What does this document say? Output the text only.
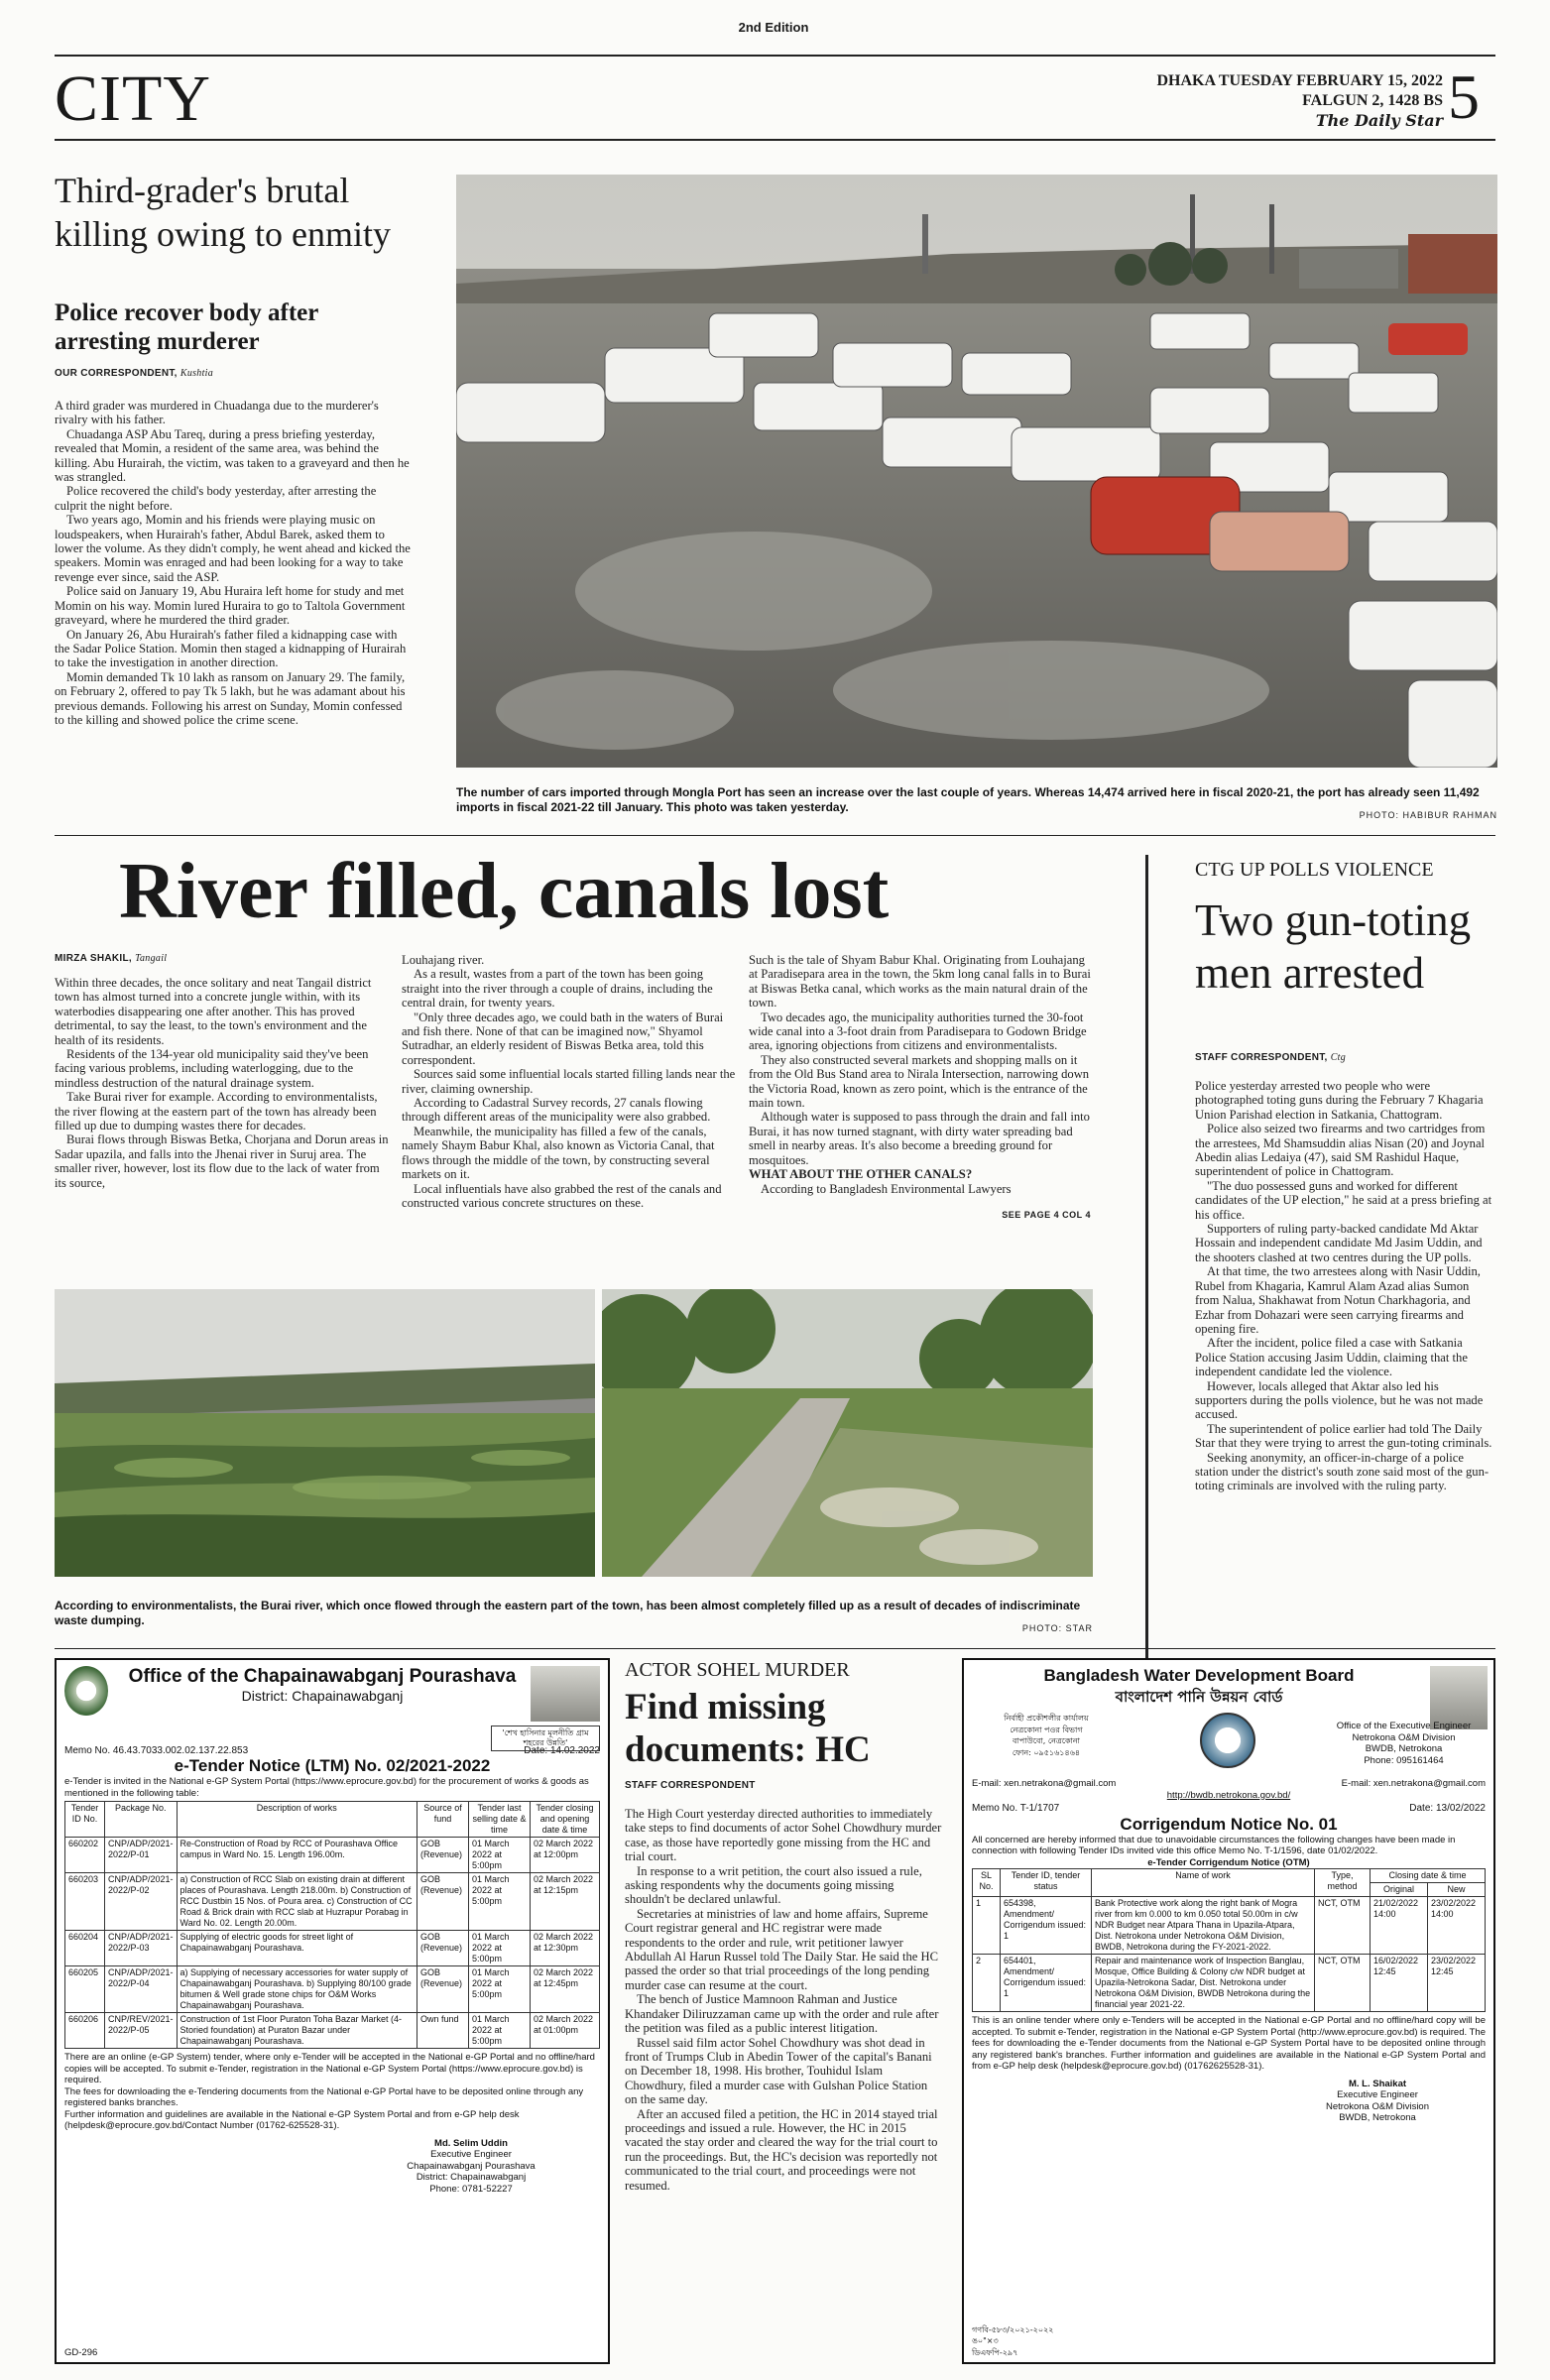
2nd Edition
CITY	DHAKA TUESDAY FEBRUARY 15, 2022
FALGUN 2, 1428 BS
The Daily Star 5
Third-grader's brutal killing owing to enmity
Police recover body after arresting murderer
OUR CORRESPONDENT, Kushtia

A third grader was murdered in Chuadanga due to the murderer's rivalry with his father.

Chuadanga ASP Abu Tareq, during a press briefing yesterday, revealed that Momin, a resident of the same area, was behind the killing. Abu Hurairah, the victim, was taken to a graveyard and then he was strangled.

Police recovered the child's body yesterday, after arresting the culprit the night before.

Two years ago, Momin and his friends were playing music on loudspeakers, when Hurairah's father, Abdul Barek, asked them to lower the volume. As they didn't comply, he went ahead and kicked the speakers. Momin was enraged and had been looking for a way to take revenge ever since, said the ASP.

Police said on January 19, Abu Huraira left home for study and met Momin on his way. Momin lured Huraira to go to Taltola Government graveyard, where he murdered the third grader.

On January 26, Abu Hurairah's father filed a kidnapping case with the Sadar Police Station. Momin then staged a kidnapping of Hurairah to take the investigation in another direction.

Momin demanded Tk 10 lakh as ransom on January 29. The family, on February 2, offered to pay Tk 5 lakh, but he was adamant about his previous demands. Following his arrest on Sunday, Momin confessed to the killing and showed police the crime scene.

The number of cars imported through Mongla Port has seen an increase over the last couple of years. Whereas 14,474 arrived here in fiscal 2020-21, the port has already seen 11,492 imports in fiscal 2021-22 till January. This photo was taken yesterday.
PHOTO: HABIBUR RAHMAN
River filled, canals lost
MIRZA SHAKIL, Tangail

Within three decades, the once solitary and neat Tangail district town has almost turned into a concrete jungle within, with its waterbodies disappearing one after another. This has proved detrimental, to say the least, to the town's environment and the health of its residents.

Residents of the 134-year old municipality said they've been facing various problems, including waterlogging, due to the mindless destruction of the natural drainage system.

Take Burai river for example. According to environmentalists, the river flowing at the eastern part of the town has already been filled up due to dumping wastes there for decades.

Burai flows through Biswas Betka, Chorjana and Dorun areas in Sadar upazila, and falls into the Jhenai river in Suruj area. The smaller river, however, lost its flow due to the lack of water from its source,

Louhajang river.

As a result, wastes from a part of the town has been going straight into the river through a couple of drains, including the central drain, for twenty years.

"Only three decades ago, we could bath in the waters of Burai and fish there. None of that can be imagined now," Shyamol Sutradhar, an elderly resident of Biswas Betka area, told this correspondent.

Sources said some influential locals started filling lands near the river, claiming ownership.

According to Cadastral Survey records, 27 canals flowing through different areas of the municipality were also grabbed.

Meanwhile, the municipality has filled a few of the canals, namely Shaym Babur Khal, also known as Victoria Canal, that flows through the middle of the town, by constructing several markets on it.

Local influentials have also grabbed the rest of the canals and constructed various concrete structures on these.

Such is the tale of Shyam Babur Khal. Originating from Louhajang at Paradisepara area in the town, the 5km long canal falls in to Burai at Biswas Betka canal, which works as the main natural drain of the town.

Two decades ago, the municipality authorities turned the 30-foot wide canal into a 3-foot drain from Paradisepara to Godown Bridge area, ignoring objections from citizens and environmentalists.

They also constructed several markets and shopping malls on it from the Old Bus Stand area to Nirala Intersection, narrowing down the Victoria Road, known as zero point, which is the entrance of the main town.

Although water is supposed to pass through the drain and fall into Burai, it has now turned stagnant, with dirty water spreading bad smell in nearby areas. It's also become a breeding ground for mosquitoes.

WHAT ABOUT THE OTHER CANALS?

According to Bangladesh Environmental Lawyers

SEE PAGE 4 COL 4
According to environmentalists, the Burai river, which once flowed through the eastern part of the town, has been almost completely filled up as a result of decades of indiscriminate waste dumping.
PHOTO: STAR
CTG UP POLLS VIOLENCE
Two gun-toting men arrested
STAFF CORRESPONDENT, Ctg

Police yesterday arrested two people who were photographed toting guns during the February 7 Khagaria Union Parishad election in Satkania, Chattogram.

Police also seized two firearms and two cartridges from the arrestees, Md Shamsuddin alias Nisan (20) and Joynal Abedin alias Ledaiya (47), said SM Rashidul Haque, superintendent of police in Chattogram.

"The duo possessed guns and worked for different candidates of the UP election," he said at a press briefing at his office.

Supporters of ruling party-backed candidate Md Aktar Hossain and independent candidate Md Jasim Uddin, and the shooters clashed at two centres during the UP polls.

At that time, the two arrestees along with Nasir Uddin, Rubel from Khagaria, Kamrul Alam Azad alias Sumon from Nalua, Shakhawat from Notun Charkhagoria, and Ezhar from Dohazari were seen carrying firearms and opening fire.

After the incident, police filed a case with Satkania Police Station accusing Jasim Uddin, claiming that the independent candidate led the violence.

However, locals alleged that Aktar also led his supporters during the polls violence, but he was not made accused.

The superintendent of police earlier had told The Daily Star that they were trying to arrest the gun-toting criminals.

Seeking anonymity, an officer-in-charge of a police station under the district's south zone said most of the gun-toting criminals are involved with the ruling party.

Office of the Chapainawabganj Pourashava
District: Chapainawabganj
'শেখ হাসিনার মূলনীতি গ্রাম শহরের উন্নতি'
Memo No. 46.43.7033.002.02.137.22.853	Date: 14.02.2022
e-Tender Notice (LTM) No. 02/2021-2022
e-Tender is invited in the National e-GP System Portal (https://www.eprocure.gov.bd) for the procurement of works & goods as mentioned in the following table:
Tender ID No.	Package No.	Description of works	Source of fund	Tender last selling date & time	Tender closing and opening date & time
660202	CNP/ADP/2021-2022/P-01	Re-Construction of Road by RCC of Pourashava Office campus in Ward No. 15. Length 196.00m.	GOB (Revenue)	01 March 2022 at 5:00pm	02 March 2022 at 12:00pm
660203	CNP/ADP/2021-2022/P-02	a) Construction of RCC Slab on existing drain at different places of Pourashava. Length 218.00m. b) Construction of RCC Dustbin 15 Nos. of Poura area. c) Construction of CC Road & Brick drain with RCC slab at Huzrapur Porabag in Ward No. 02. Length 20.00m.	GOB (Revenue)	01 March 2022 at 5:00pm	02 March 2022 at 12:15pm
660204	CNP/ADP/2021-2022/P-03	Supplying of electric goods for street light of Chapainawabganj Pourashava.	GOB (Revenue)	01 March 2022 at 5:00pm	02 March 2022 at 12:30pm
660205	CNP/ADP/2021-2022/P-04	a) Supplying of necessary accessories for water supply of Chapainawabganj Pourashava. b) Supplying 80/100 grade bitumen & Well grade stone chips for O&M Works Chapainawabganj Pourashava.	GOB (Revenue)	01 March 2022 at 5:00pm	02 March 2022 at 12:45pm
660206	CNP/REV/2021-2022/P-05	Construction of 1st Floor Puraton Toha Bazar Market (4-Storied foundation) at Puraton Bazar under Chapainawabganj Pourashava.	Own fund	01 March 2022 at 5:00pm	02 March 2022 at 01:00pm
There are an online (e-GP System) tender, where only e-Tender will be accepted in the National e-GP Portal and no offline/hard copies will be accepted. To submit e-Tender, registration in the National e-GP System Portal (https://www.eprocure.gov.bd) is required.
The fees for downloading the e-Tendering documents from the National e-GP Portal have to be deposited online through any registered banks branches.
Further information and guidelines are available in the National e-GP System Portal and from e-GP help desk (helpdesk@eprocure.gov.bd/Contact Number (01762-625528-31).
Md. Selim Uddin
Executive Engineer
Chapainawabganj Pourashava
District: Chapainawabganj
Phone: 0781-52227
GD-296
ACTOR SOHEL MURDER
Find missing documents: HC
STAFF CORRESPONDENT

The High Court yesterday directed authorities to immediately take steps to find documents of actor Sohel Chowdhury murder case, as those have reportedly gone missing from the HC and trial court.

In response to a writ petition, the court also issued a rule, asking respondents why the documents going missing shouldn't be declared unlawful.

Secretaries at ministries of law and home affairs, Supreme Court registrar general and HC registrar were made respondents to the order and rule, writ petitioner lawyer Abdullah Al Harun Russel told The Daily Star. He said the HC passed the order so that trial proceedings of the long pending murder case can resume at the court.

The bench of Justice Mamnoon Rahman and Justice Khandaker Diliruzzaman came up with the order and rule after the petition was filed as a public interest litigation.

Russel said film actor Sohel Chowdhury was shot dead in front of Trumps Club in Abedin Tower of the capital's Banani on December 18, 1998. His brother, Touhidul Islam Chowdhury, filed a murder case with Gulshan Police Station on the same day.

After an accused filed a petition, the HC in 2014 stayed trial proceedings and issued a rule. However, the HC in 2015 vacated the stay order and cleared the way for the trial court to run the proceedings. But, the HC's decision was reportedly not communicated to the trial court, and proceedings were not resumed.

Bangladesh Water Development Board
বাংলাদেশ পানি উন্নয়ন বোর্ড
নির্বাহী প্রকৌশলীর কার্যালয়
নেত্রকোনা পওর বিভাগ
বাপাউবো, নেত্রকোনা
ফোন: ০৯৫১৬১৪৬৪
Office of the Executive Engineer
Netrokona O&M Division
BWDB, Netrokona
Phone: 095161464
E-mail: xen.netrakona@gmail.com	E-mail: xen.netrakona@gmail.com
http://bwdb.netrokona.gov.bd/
Memo No. T-1/1707	Date: 13/02/2022
Corrigendum Notice No. 01
All concerned are hereby informed that due to unavoidable circumstances the following changes have been made in connection with following Tender IDs invited vide this office Memo No. T-1/1596, date 01/02/2022.
e-Tender Corrigendum Notice (OTM)
SL No.	Tender ID, tender status	Name of work	Type, method	Closing date & time	
				Original	New
1	654398, Amendment/ Corrigendum issued: 1	Bank Protective work along the right bank of Mogra river from km 0.000 to km 0.050 total 50.00m in c/w NDR Budget near Atpara Thana in Upazila-Atpara, Dist. Netrokona under Netrokona O&M Division, BWDB, Netrokona during the FY-2021-2022.	NCT, OTM	21/02/2022 14:00	23/02/2022 14:00
2	654401, Amendment/ Corrigendum issued: 1	Repair and maintenance work of Inspection Banglau, Mosque, Office Building & Colony c/w NDR budget at Upazila-Netrokona Sadar, Dist. Netrokona under Netrokona O&M Division, BWDB Netrokona during the financial year 2021-22.	NCT, OTM	16/02/2022 12:45	23/02/2022 12:45
This is an online tender where only e-Tenders will be accepted in the National e-GP Portal and no offline/hard copy will be accepted. To submit e-Tender, registration in the National e-GP System Portal (http://www.eprocure.gov.bd) is required. The fees for downloading the e-Tender documents from the National e-GP System Portal have to be deposited online through any registered bank's branches. Further information and guidelines are available in the National e-GP System Portal and from e-GP help desk (helpdesk@eprocure.gov.bd) (01762625528-31).
M. L. Shaikat
Executive Engineer
Netrokona O&M Division
BWDB, Netrokona
গণবি-৫৮৩/২০২১-২০২২
ঙ০"×৩
ডিএফপি-২৯৭
